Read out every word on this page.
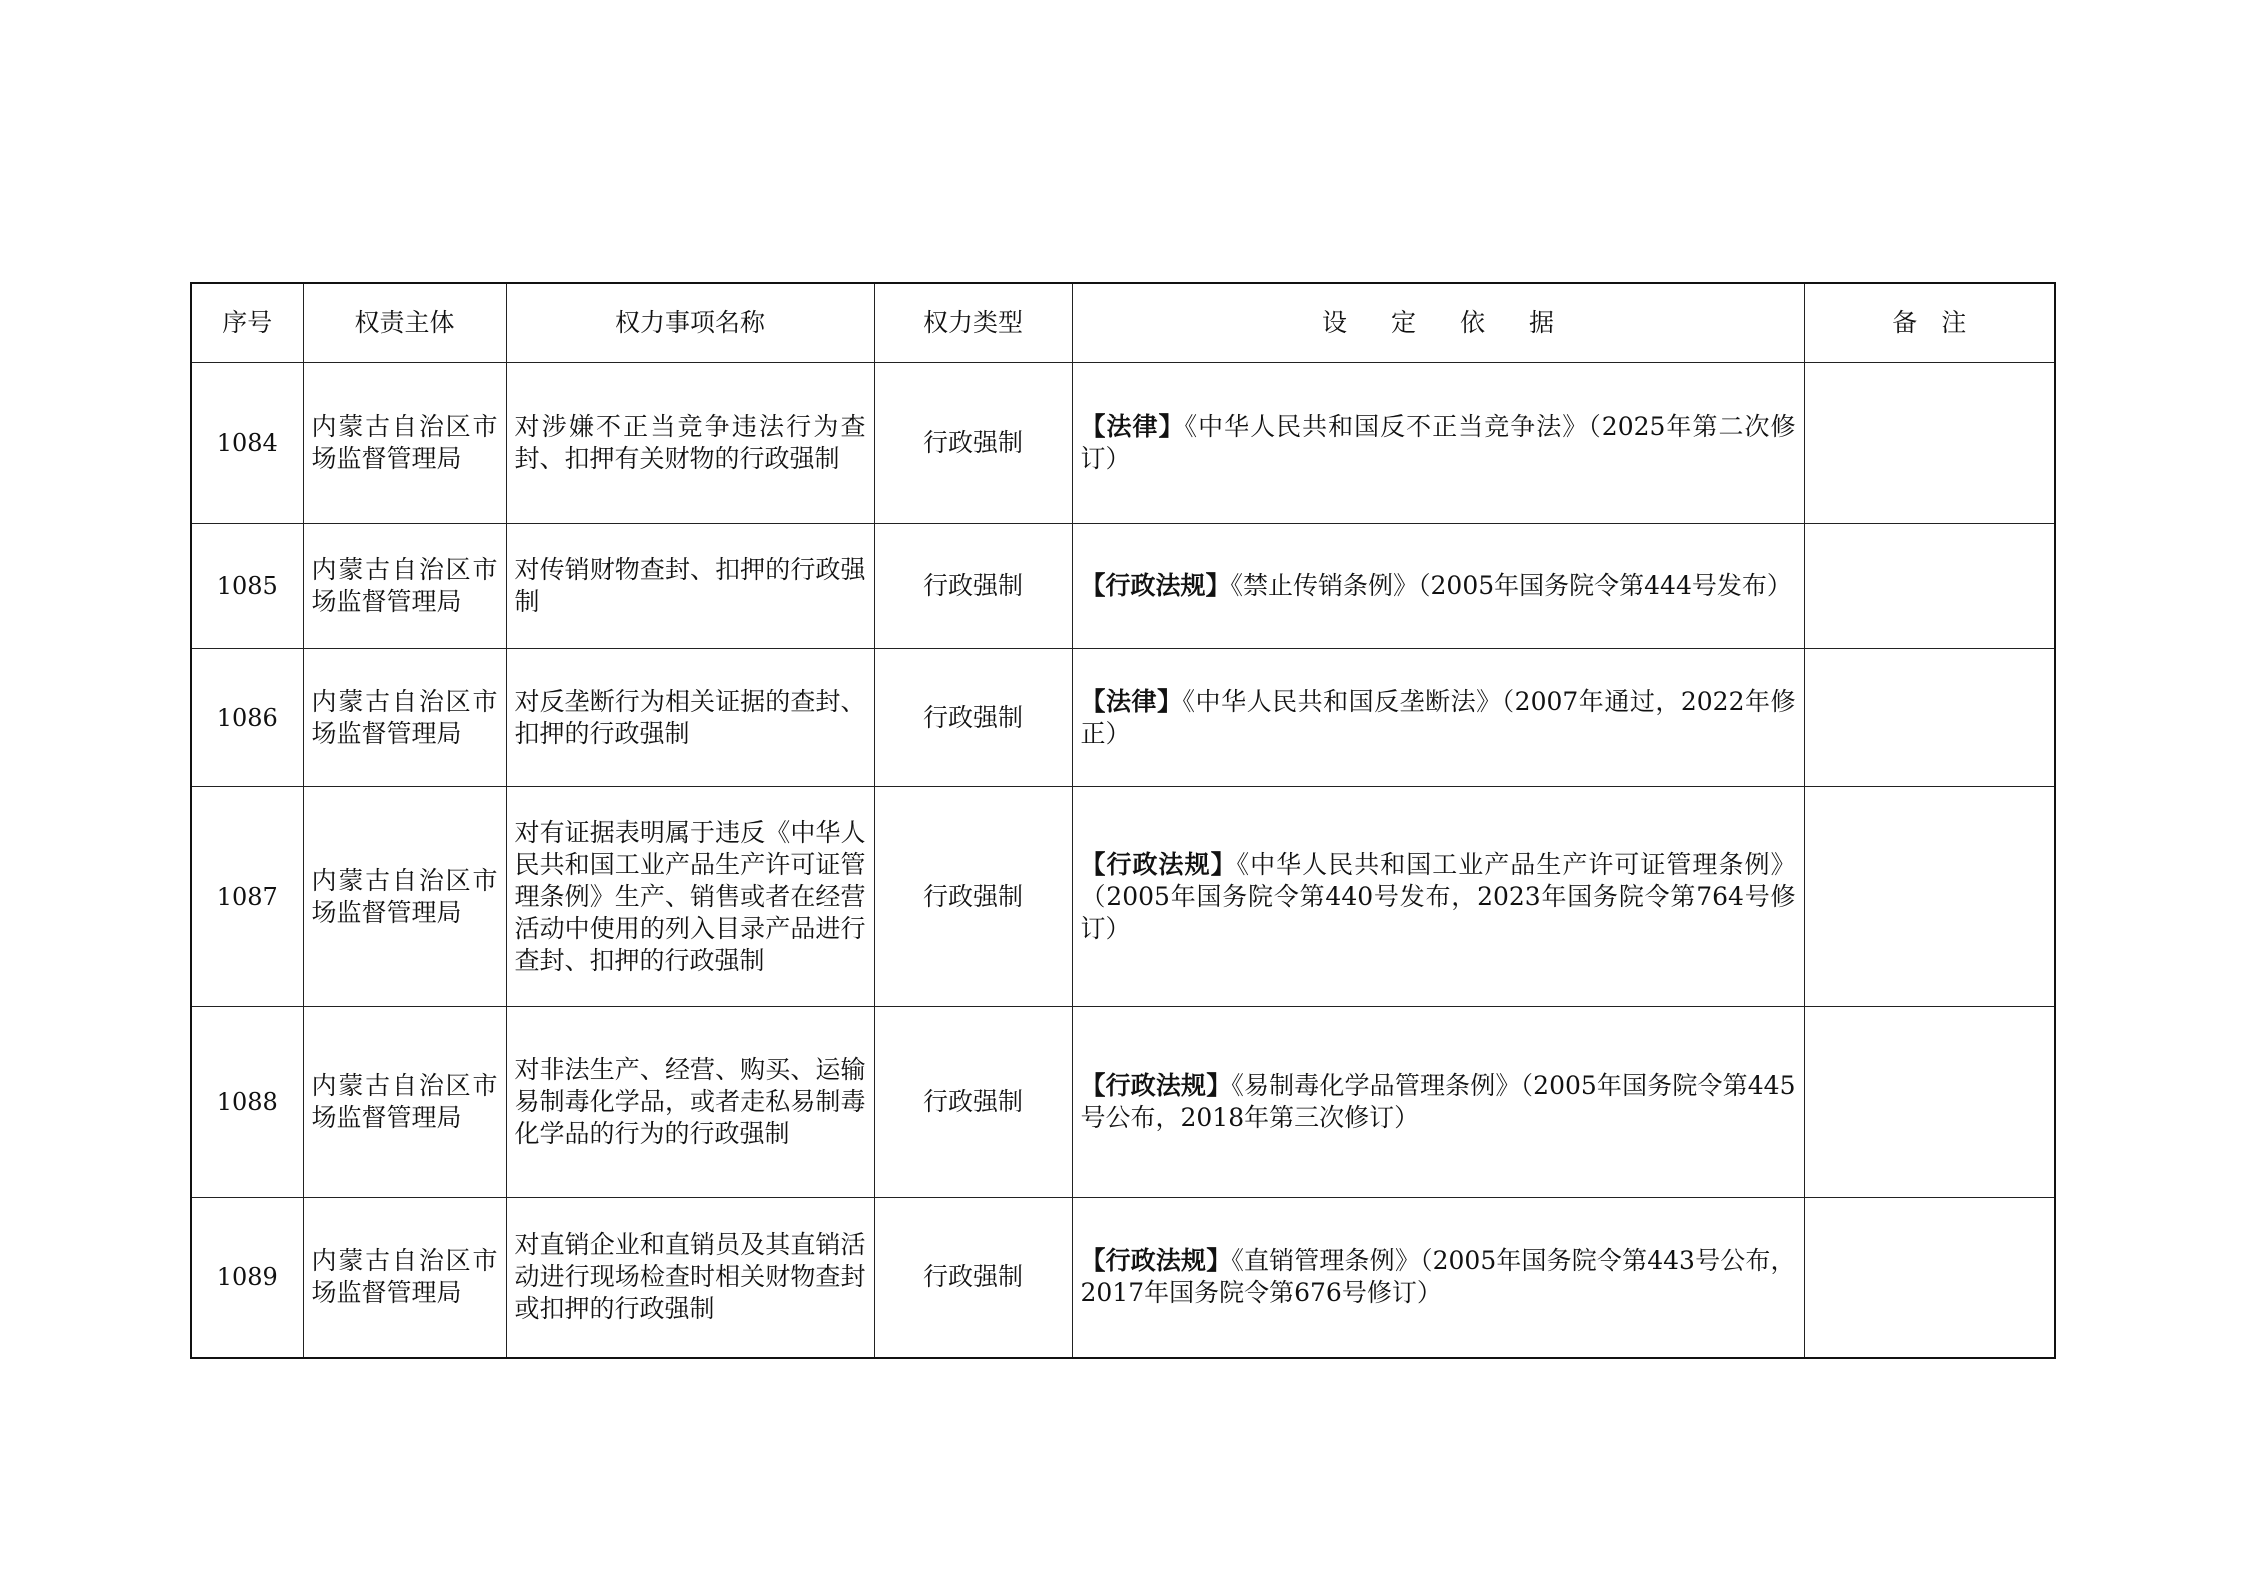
序号	权责主体	权力事项名称	权力类型	设 定 依 据	备 注
1084	内蒙古自治区市场监督管理局	对涉嫌不正当竞争违法行为查封、扣押有关财物的行政强制	行政强制	【法律】《中华人民共和国反不正当竞争法》（2025年第二次修订）	
1085	内蒙古自治区市场监督管理局	对传销财物查封、扣押的行政强制	行政强制	【行政法规】《禁止传销条例》（2005年国务院令第444号发布）	
1086	内蒙古自治区市场监督管理局	对反垄断行为相关证据的查封、扣押的行政强制	行政强制	【法律】《中华人民共和国反垄断法》（2007年通过，2022年修正）	
1087	内蒙古自治区市场监督管理局	对有证据表明属于违反《中华人民共和国工业产品生产许可证管理条例》生产、销售或者在经营活动中使用的列入目录产品进行查封、扣押的行政强制	行政强制	【行政法规】《中华人民共和国工业产品生产许可证管理条例》（2005年国务院令第440号发布，2023年国务院令第764号修订）	
1088	内蒙古自治区市场监督管理局	对非法生产、经营、购买、运输易制毒化学品，或者走私易制毒化学品的行为的行政强制	行政强制	【行政法规】《易制毒化学品管理条例》（2005年国务院令第445号公布，2018年第三次修订）	
1089	内蒙古自治区市场监督管理局	对直销企业和直销员及其直销活动进行现场检查时相关财物查封或扣押的行政强制	行政强制	【行政法规】《直销管理条例》（2005年国务院令第443号公布，2017年国务院令第676号修订）	
